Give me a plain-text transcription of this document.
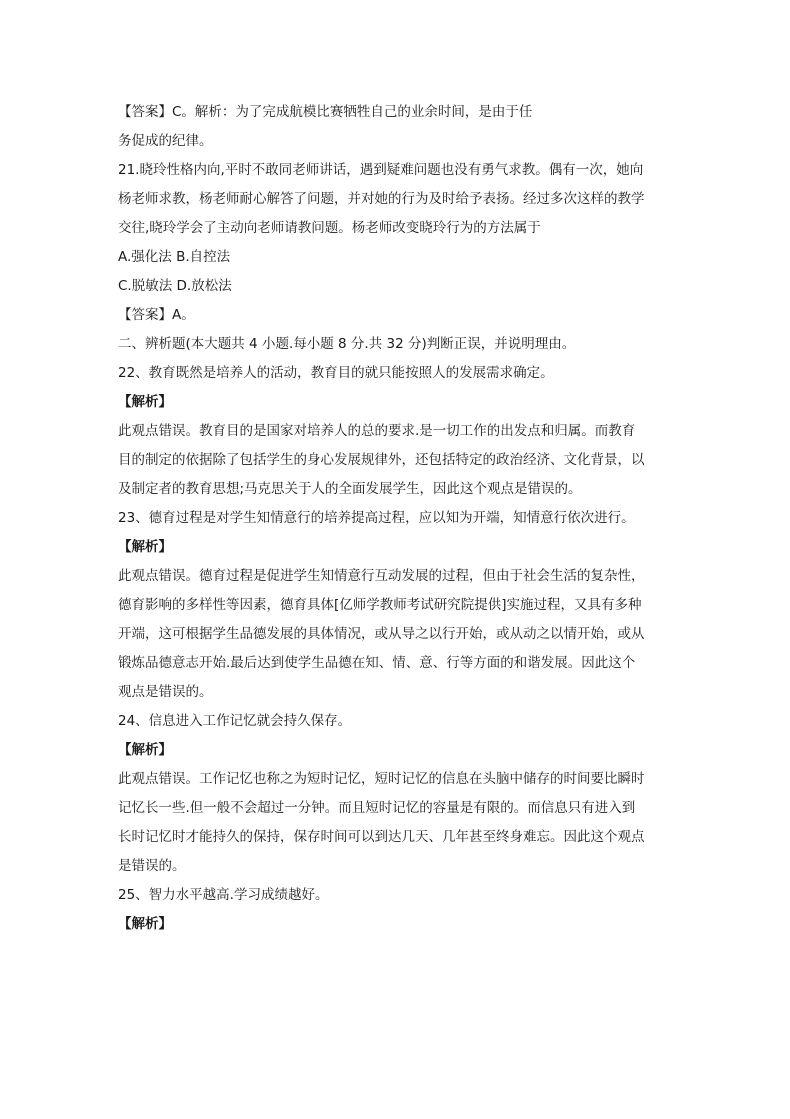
【答案】C。解析：为了完成航模比赛牺牲自己的业余时间，是由于任

务促成的纪律。

21.晓玲性格内向,平时不敢同老师讲话，遇到疑难问题也没有勇气求教。偶有一次，她向

杨老师求教，杨老师耐心解答了问题，并对她的行为及时给予表扬。经过多次这样的教学

交往,晓玲学会了主动向老师请教问题。杨老师改变晓玲行为的方法属于

A.强化法 B.自控法

C.脱敏法 D.放松法

【答案】A。

二、辨析题(本大题共 4 小题.每小题 8 分.共 32 分)判断正误，并说明理由。

22、教育既然是培养人的活动，教育目的就只能按照人的发展需求确定。

【解析】

此观点错误。教育目的是国家对培养人的总的要求.是一切工作的出发点和归属。而教育

目的制定的依据除了包括学生的身心发展规律外，还包括特定的政治经济、文化背景，以

及制定者的教育思想;马克思关于人的全面发展学生，因此这个观点是错误的。

23、德育过程是对学生知情意行的培养提高过程，应以知为开端，知情意行依次进行。

【解析】

此观点错误。德育过程是促进学生知情意行互动发展的过程，但由于社会生活的复杂性，

德育影响的多样性等因素，德育具体[亿师学教师考试研究院提供]实施过程，又具有多种

开端，这可根据学生品德发展的具体情况，或从导之以行开始，或从动之以情开始，或从

锻炼品德意志开始.最后达到使学生品德在知、情、意、行等方面的和谐发展。因此这个

观点是错误的。

24、信息进入工作记忆就会持久保存。

【解析】

此观点错误。工作记忆也称之为短时记忆，短时记忆的信息在头脑中储存的时间要比瞬时

记忆长一些.但一般不会超过一分钟。而且短时记忆的容量是有限的。而信息只有进入到

长时记忆时才能持久的保持，保存时间可以到达几天、几年甚至终身难忘。因此这个观点

是错误的。

25、智力水平越高.学习成绩越好。

【解析】
